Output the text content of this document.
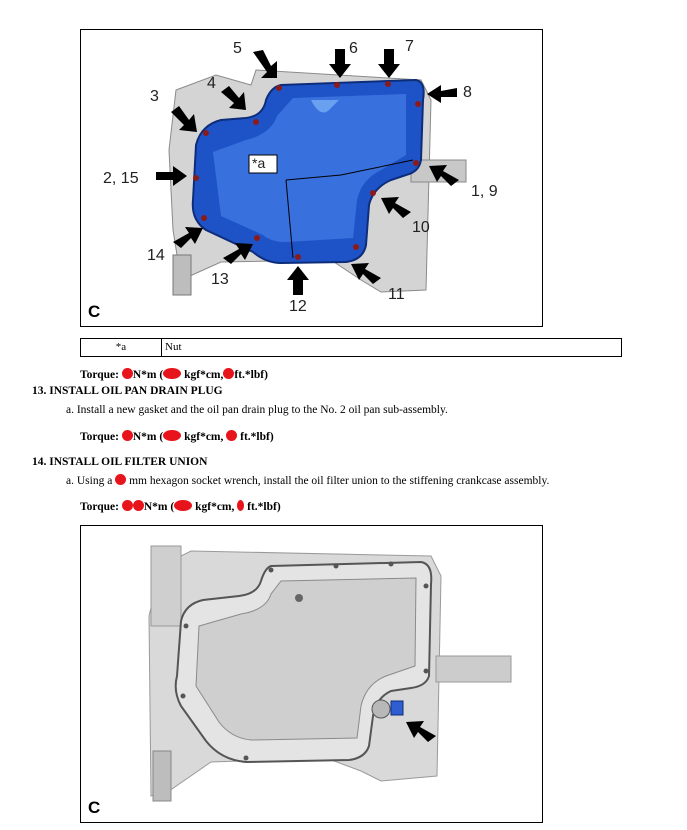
5	6	7
3
4
8
*a
2, 15
1, 9
10
14
13
11
12
C
*a	Nut
Torque: N*m ( kgf*cm, ft.*lbf)
13. INSTALL OIL PAN DRAIN PLUG
a. Install a new gasket and the oil pan drain plug to the No. 2 oil pan sub-assembly.
Torque: N*m ( kgf*cm, ft.*lbf)
14. INSTALL OIL FILTER UNION
a. Using a mm hexagon socket wrench, install the oil filter union to the stiffening crankcase assembly.
Torque: N*m ( kgf*cm, ft.*lbf)
C
